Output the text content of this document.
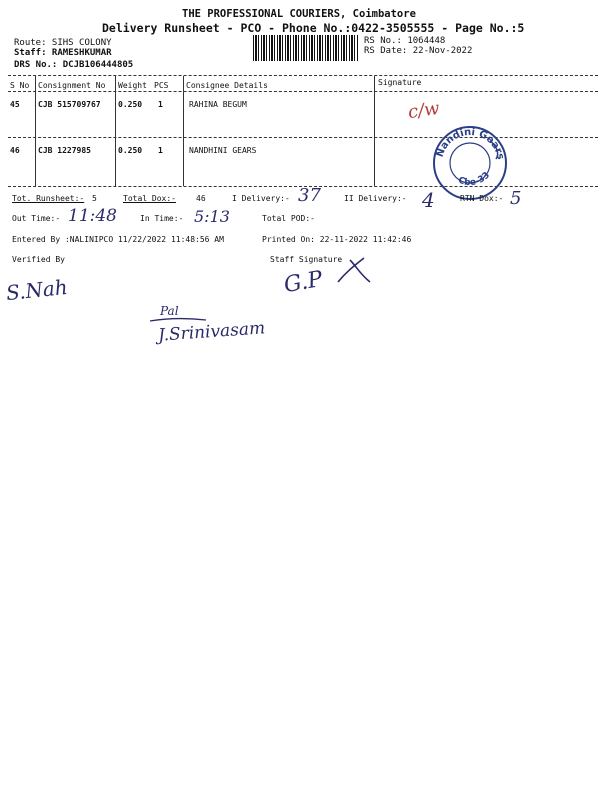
THE PROFESSIONAL COURIERS, Coimbatore
Delivery Runsheet - PCO - Phone No.:0422-3505555 - Page No.:5
Route: SIHS COLONY
Staff: RAMESHKUMAR
DRS No.: DCJB106444805
RS No.: 1064448
RS Date: 22-Nov-2022
S No Consignment No Weight PCS Consignee Details	Signature
45 CJB 515709767 0.250 1	RAHINA BEGUM	c/w
46 CJB 1227985	0.250 1	NANDHINI GEARS	Nandini Gears
Cbe-33
Tot. Runsheet:- 5	Total Dox:-	46	I Delivery:- 37	II Delivery:- 4	RTN Dox:- 5
Out Time:- 11:48	In Time:- 5:13	Total POD:-
Entered By :NALINIPCO 11/22/2022 11:48:56 AM	Printed On: 22-11-2022 11:42:46
Verified By	Staff Signature
S.Nah	G.P
Pal
J.Srinivasam
